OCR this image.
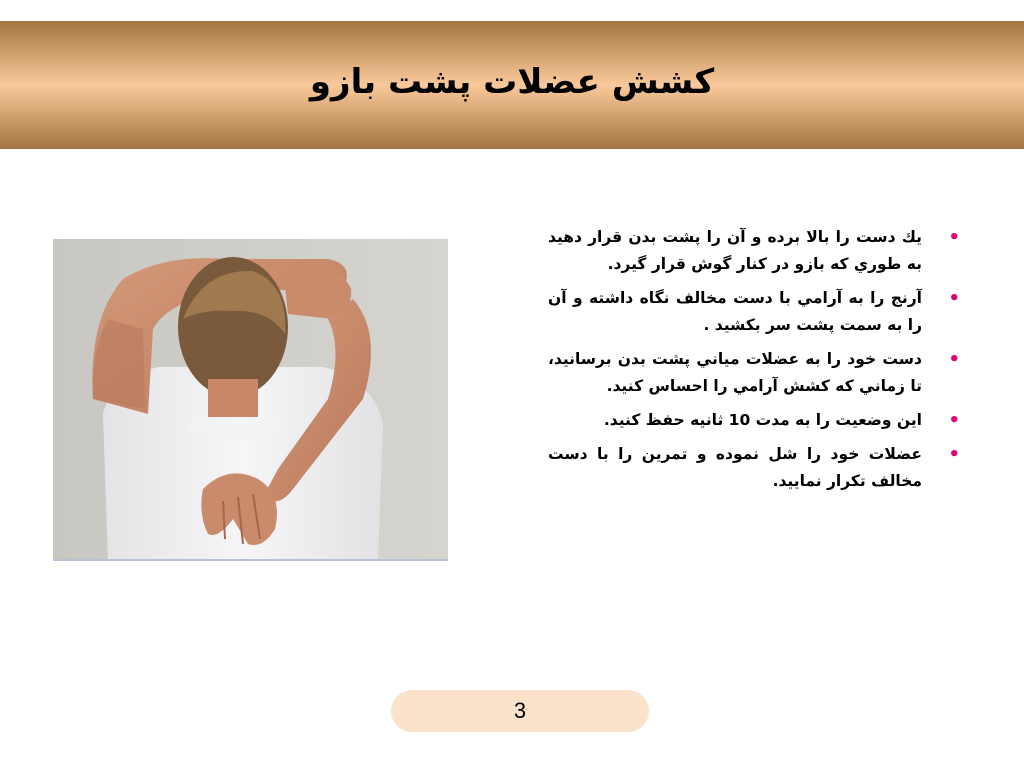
کشش عضلات پشت بازو
•
يك دست را بالا برده و آن را پشت بدن قرار دهيد به طوري كه بازو در كنار گوش قرار گيرد.
•
آرنج را به آرامي با دست مخالف نگاه داشته و آن را به سمت پشت سر بكشيد .
•
دست خود را به عضلات مياني پشت بدن برسانيد، تا زماني كه كشش آرامي را احساس كنيد.
•
اين وضعيت را به مدت 10 ثانيه حفظ كنيد.
•
عضلات خود را شل نموده و تمرين را با دست مخالف تكرار نماييد.
3
